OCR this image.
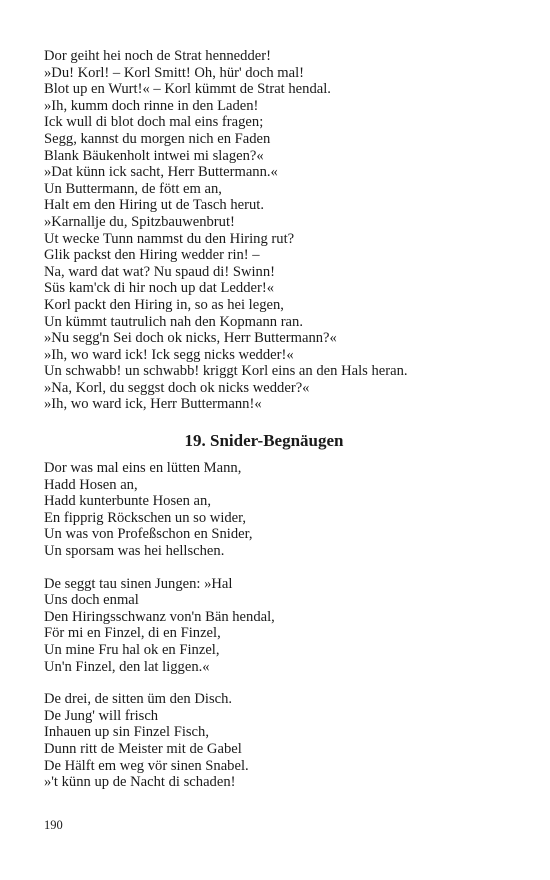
Dor geiht hei noch de Strat hennedder!
»Du! Korl! – Korl Smitt! Oh, hür' doch mal!
Blot up en Wurt!« – Korl kümmt de Strat hendal.
»Ih, kumm doch rinne in den Laden!
Ick wull di blot doch mal eins fragen;
Segg, kannst du morgen nich en Faden
Blank Bäukenholt intwei mi slagen?«
»Dat künn ick sacht, Herr Buttermann.«
Un Buttermann, de fött em an,
Halt em den Hiring ut de Tasch herut.
»Karnallje du, Spitzbauwenbrut!
Ut wecke Tunn nammst du den Hiring rut?
Glik packst den Hiring wedder rin! –
Na, ward dat wat? Nu spaud di! Swinn!
Süs kam'ck di hir noch up dat Ledder!«
Korl packt den Hiring in, so as hei legen,
Un kümmt tautrulich nah den Kopmann ran.
»Nu segg'n Sei doch ok nicks, Herr Buttermann?«
»Ih, wo ward ick! Ick segg nicks wedder!«
Un schwabb! un schwabb! kriggt Korl eins an den Hals heran.
»Na, Korl, du seggst doch ok nicks wedder?«
»Ih, wo ward ick, Herr Buttermann!«
19. Snider-Begnäugen
Dor was mal eins en lütten Mann,
Hadd Hosen an,
Hadd kunterbunte Hosen an,
En fipprig Röckschen un so wider,
Un was von Profeßschon en Snider,
Un sporsam was hei hellschen.
De seggt tau sinen Jungen: »Hal
Uns doch enmal
Den Hiringsschwanz von'n Bän hendal,
För mi en Finzel, di en Finzel,
Un mine Fru hal ok en Finzel,
Un'n Finzel, den lat liggen.«
De drei, de sitten üm den Disch.
De Jung' will frisch
Inhauen up sin Finzel Fisch,
Dunn ritt de Meister mit de Gabel
De Hälft em weg vör sinen Snabel.
»'t künn up de Nacht di schaden!
190
